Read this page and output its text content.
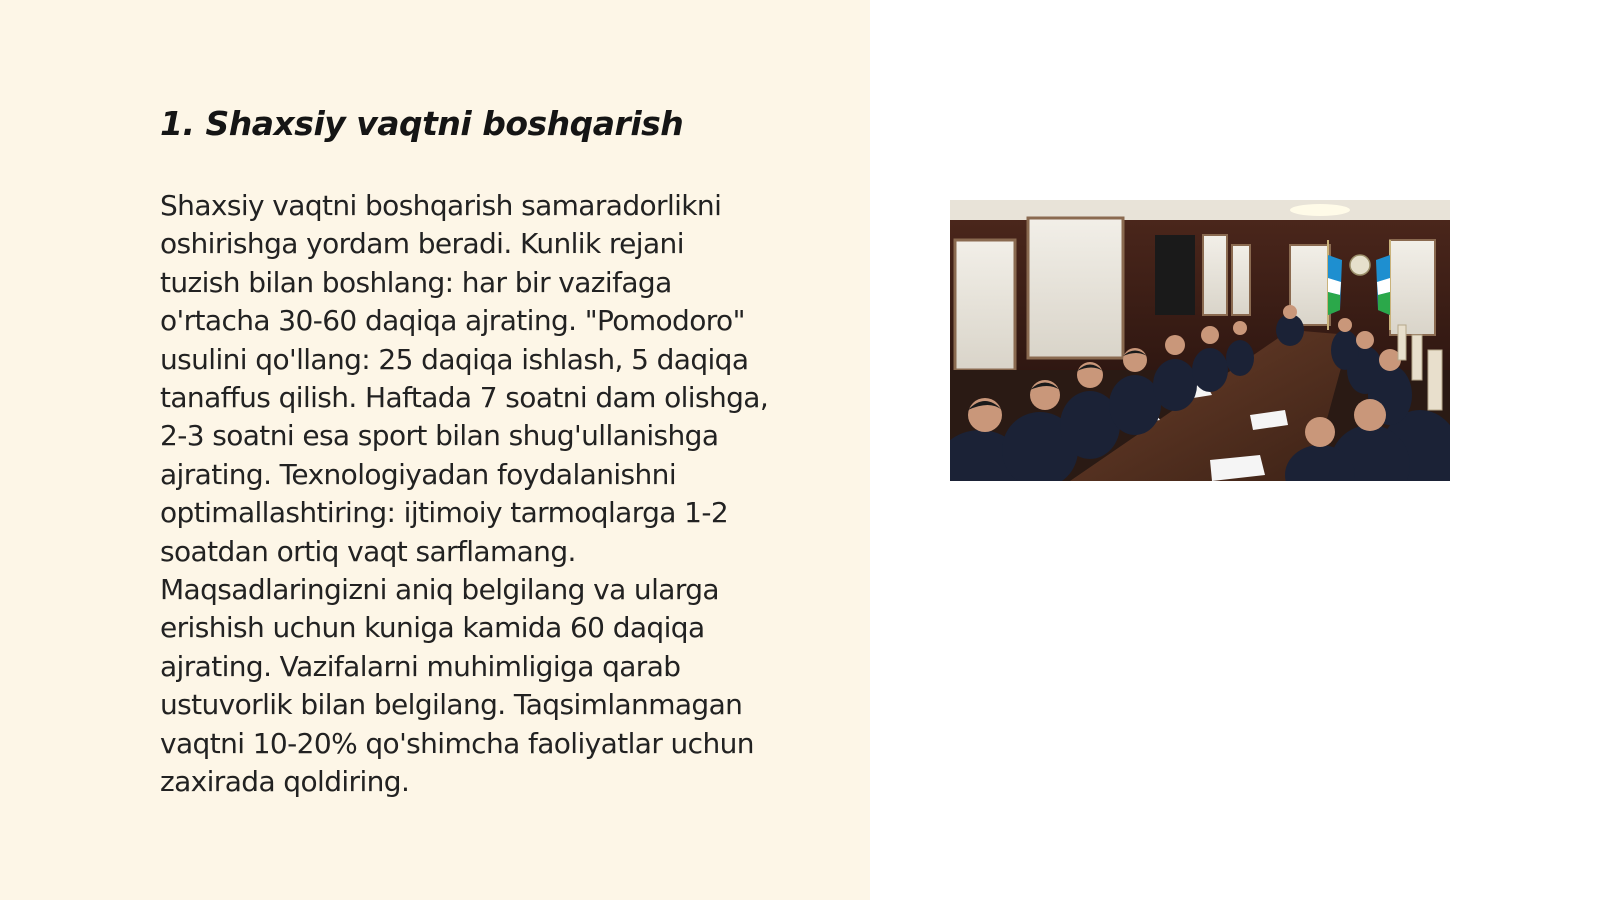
1. Shaxsiy vaqtni boshqarish
Shaxsiy vaqtni boshqarish samaradorlikni
oshirishga yordam beradi. Kunlik rejani
tuzish bilan boshlang: har bir vazifaga
o'rtacha 30-60 daqiqa ajrating. "Pomodoro"
usulini qo'llang: 25 daqiqa ishlash, 5 daqiqa
tanaffus qilish. Haftada 7 soatni dam olishga,
2-3 soatni esa sport bilan shug'ullanishga
ajrating. Texnologiyadan foydalanishni
optimallashtiring: ijtimoiy tarmoqlarga 1-2
soatdan ortiq vaqt sarflamang.
Maqsadlaringizni aniq belgilang va ularga
erishish uchun kuniga kamida 60 daqiqa
ajrating. Vazifalarni muhimligiga qarab
ustuvorlik bilan belgilang. Taqsimlanmagan
vaqtni 10-20% qo'shimcha faoliyatlar uchun
zaxirada qoldiring.
